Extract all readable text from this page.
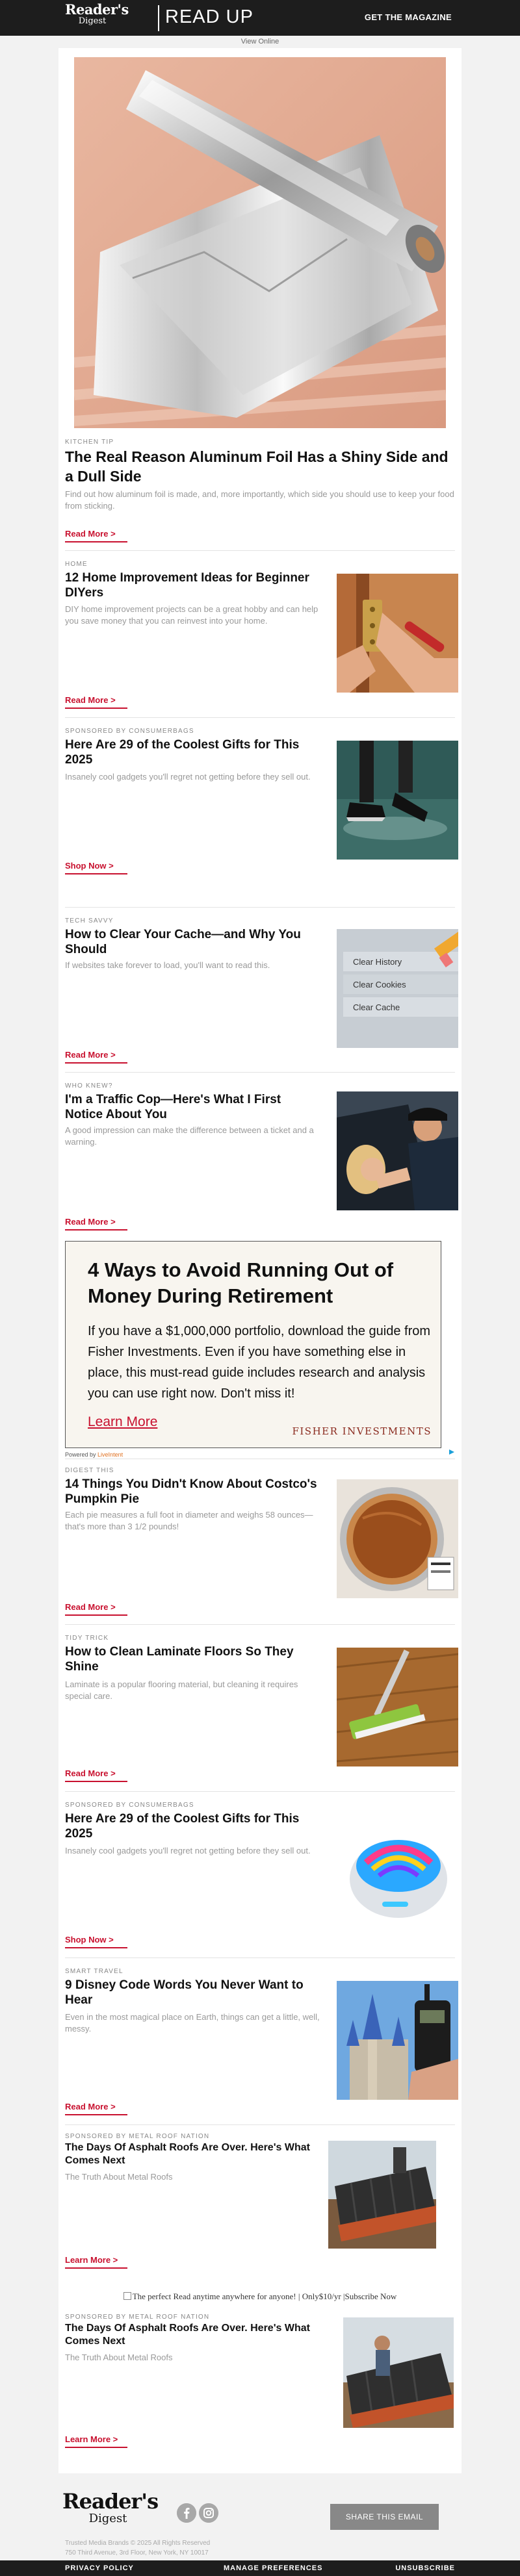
Reader's
Digest	READ UP	GET THE MAGAZINE
View Online
KITCHEN TIP
The Real Reason Aluminum Foil Has a Shiny Side and a Dull Side
Find out how aluminum foil is made, and, more importantly, which side you should use to keep your food from sticking.
Read More >
HOME
12 Home Improvement Ideas for Beginner DIYers
DIY home improvement projects can be a great hobby and can help you save money that you can reinvest into your home.
Read More >
SPONSORED BY CONSUMERBAGS
Here Are 29 of the Coolest Gifts for This 2025
Insanely cool gadgets you'll regret not getting before they sell out.
Shop Now >
TECH SAVVY
How to Clear Your Cache—and Why You Should
If websites take forever to load, you'll want to read this.
Read More >
Clear History
Clear Cookies
Clear Cache
WHO KNEW?
I'm a Traffic Cop—Here's What I First Notice About You
A good impression can make the difference between a ticket and a warning.
Read More >
4 Ways to Avoid Running Out of Money During Retirement
If you have a $1,000,000 portfolio, download the guide from Fisher Investments. Even if you have something else in place, this must-read guide includes research and analysis you can use right now. Don't miss it!
Learn More
FISHER INVESTMENTS
Powered by LiveIntent
DIGEST THIS
14 Things You Didn't Know About Costco's Pumpkin Pie
Each pie measures a full foot in diameter and weighs 58 ounces—that's more than 3 1/2 pounds!
Read More >
TIDY TRICK
How to Clean Laminate Floors So They Shine
Laminate is a popular flooring material, but cleaning it requires special care.
Read More >
SPONSORED BY CONSUMERBAGS
Here Are 29 of the Coolest Gifts for This 2025
Insanely cool gadgets you'll regret not getting before they sell out.
Shop Now >
SMART TRAVEL
9 Disney Code Words You Never Want to Hear
Even in the most magical place on Earth, things can get a little, well, messy.
Read More >
SPONSORED BY METAL ROOF NATION
The Days Of Asphalt Roofs Are Over. Here's What Comes Next
The Truth About Metal Roofs
Learn More >
The perfect Read anytime anywhere for anyone! | Only$10/yr |Subscribe Now
SPONSORED BY METAL ROOF NATION
The Days Of Asphalt Roofs Are Over. Here's What Comes Next
The Truth About Metal Roofs
Learn More >
Reader's
Digest	SHARE THIS EMAIL
Trusted Media Brands © 2025 All Rights Reserved
750 Third Avenue, 3rd Floor, New York, NY 10017
PRIVACY POLICY	MANAGE PREFERENCES	UNSUBSCRIBE
